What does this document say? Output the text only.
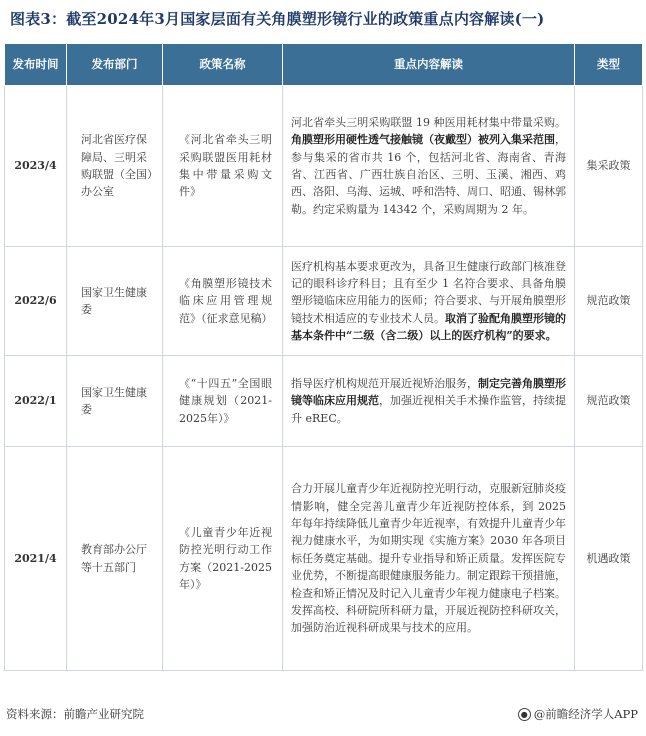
图表3：截至2024年3月国家层面有关角膜塑形镜行业的政策重点内容解读(一)
发布时间	发布部门	政策名称	重点内容解读	类型
2023/4	河北省医疗保障局、三明采购联盟（全国）办公室	《河北省牵头三明采购联盟医用耗材集中带量采购文件》	河北省牵头三明采购联盟 19 种医用耗材集中带量采购。角膜塑形用硬性透气接触镜（夜戴型）被列入集采范围，参与集采的省市共 16 个，包括河北省、海南省、青海省、江西省、广西壮族自治区、三明、玉溪、湘西、鸡西、洛阳、乌海、运城、呼和浩特、周口、昭通、锡林郭勒。约定采购量为 14342 个，采购周期为 2 年。	集采政策
2022/6	国家卫生健康委	《角膜塑形镜技术临床应用管理规范》（征求意见稿）	医疗机构基本要求更改为，具备卫生健康行政部门核准登记的眼科诊疗科目；且有至少 1 名符合要求、具备角膜塑形镜临床应用能力的医师；符合要求、与开展角膜塑形镜技术相适应的专业技术人员。取消了验配角膜塑形镜的基本条件中“二级（含二级）以上的医疗机构”的要求。	规范政策
2022/1	国家卫生健康委	《“十四五”全国眼健康规划（2021-2025年）》	指导医疗机构规范开展近视矫治服务，制定完善角膜塑形镜等临床应用规范，加强近视相关手术操作监管，持续提升 eREC。	规范政策
2021/4	教育部办公厅等十五部门	《儿童青少年近视防控光明行动工作方案（2021-2025年）》	合力开展儿童青少年近视防控光明行动，克服新冠肺炎疫情影响，健全完善儿童青少年近视防控体系，到 2025 年每年持续降低儿童青少年近视率，有效提升儿童青少年视力健康水平，为如期实现《实施方案》2030 年各项目标任务奠定基础。提升专业指导和矫正质量。发挥医院专业优势，不断提高眼健康服务能力。制定跟踪干预措施，检查和矫正情况及时记入儿童青少年视力健康电子档案。发挥高校、科研院所科研力量，开展近视防控科研攻关，加强防治近视科研成果与技术的应用。	机遇政策
资料来源：前瞻产业研究院	● @前瞻经济学人APP
